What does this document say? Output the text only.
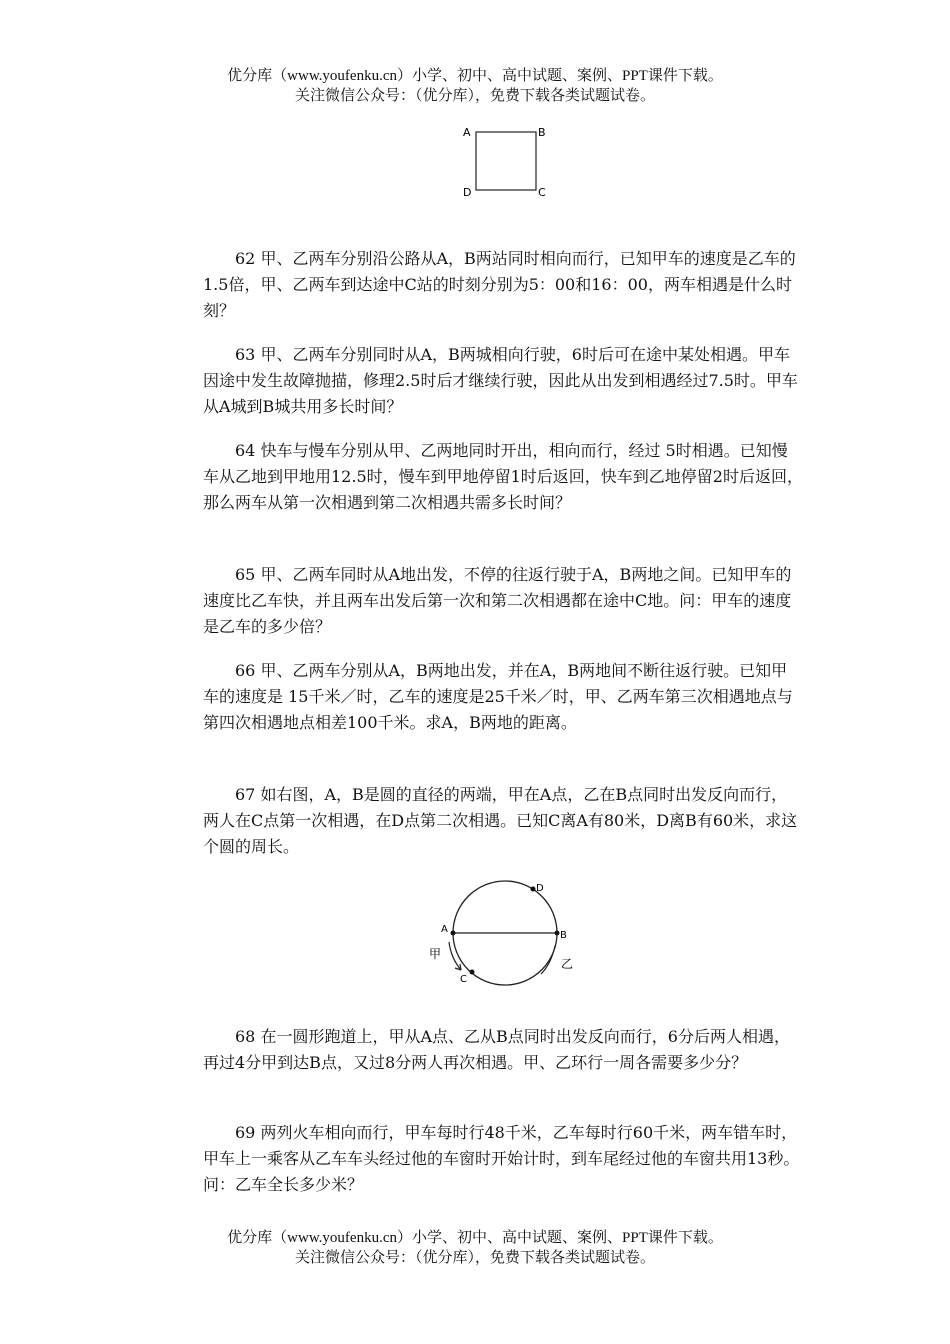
优分库（www.youfenku.cn）小学、初中、高中试题、案例、PPT课件下载。
关注微信公众号：（优分库），免费下载各类试题试卷。
A	B
C
D

62 甲、乙两车分别沿公路从A，B两站同时相向而行，已知甲车的速度是乙车的1.5倍，甲、乙两车到达途中C站的时刻分别为5：00和16：00，两车相遇是什么时刻？

63 甲、乙两车分别同时从A，B两城相向行驶，6时后可在途中某处相遇。甲车因途中发生故障抛描，修理2.5时后才继续行驶，因此从出发到相遇经过7.5时。甲车从A城到B城共用多长时间？

64 快车与慢车分别从甲、乙两地同时开出，相向而行，经过 5时相遇。已知慢车从乙地到甲地用12.5时，慢车到甲地停留1时后返回，快车到乙地停留2时后返回，那么两车从第一次相遇到第二次相遇共需多长时间？

65 甲、乙两车同时从A地出发，不停的往返行驶于A，B两地之间。已知甲车的速度比乙车快，并且两车出发后第一次和第二次相遇都在途中C地。问：甲车的速度是乙车的多少倍？

66 甲、乙两车分别从A，B两地出发，并在A，B两地间不断往返行驶。已知甲车的速度是 15千米／时，乙车的速度是25千米／时，甲、乙两车第三次相遇地点与第四次相遇地点相差100千米。求A，B两地的距离。

67 如右图，A，B是圆的直径的两端，甲在A点，乙在B点同时出发反向而行，两人在C点第一次相遇，在D点第二次相遇。已知C离A有80米，D离B有60米，求这个圆的周长。

A
B
C
D
甲
乙

68 在一圆形跑道上，甲从A点、乙从B点同时出发反向而行，6分后两人相遇，再过4分甲到达B点，又过8分两人再次相遇。甲、乙环行一周各需要多少分？

69 两列火车相向而行，甲车每时行48千米，乙车每时行60千米，两车错车时，甲车上一乘客从乙车车头经过他的车窗时开始计时，到车尾经过他的车窗共用13秒。问：乙车全长多少米？

优分库（www.youfenku.cn）小学、初中、高中试题、案例、PPT课件下载。
关注微信公众号：（优分库），免费下载各类试题试卷。
